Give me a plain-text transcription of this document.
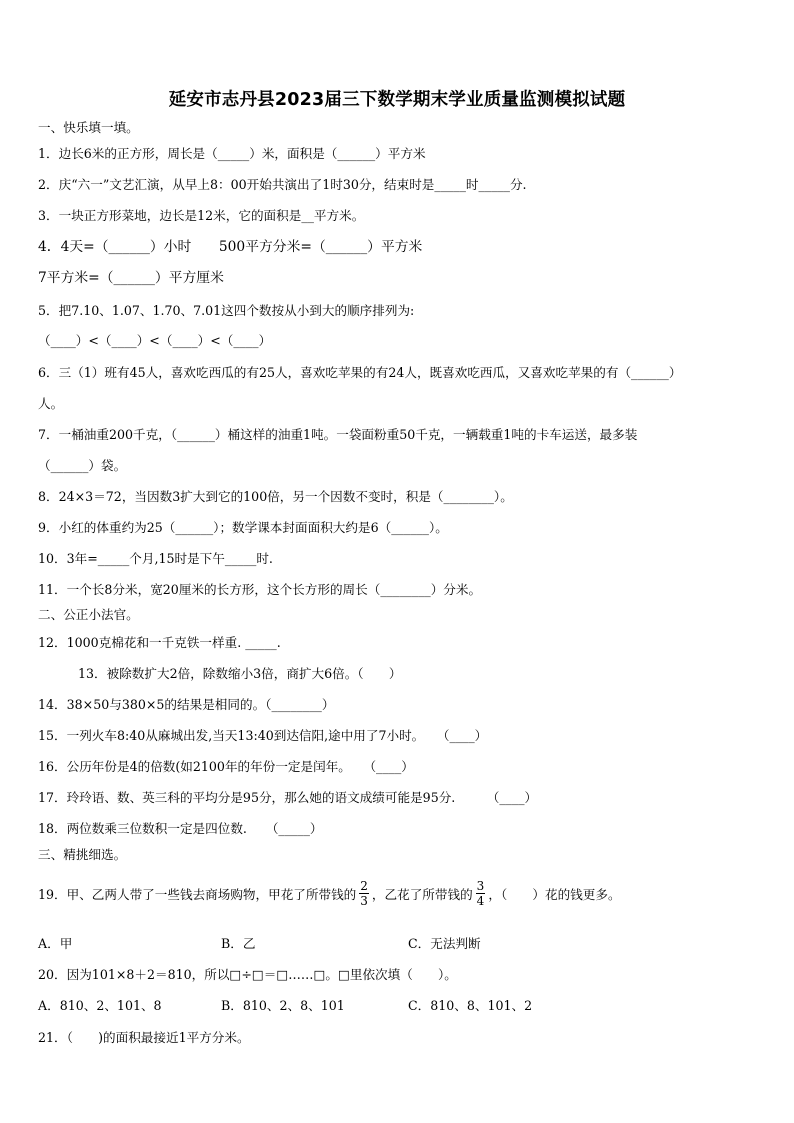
延安市志丹县2023届三下数学期末学业质量监测模拟试题
一、快乐填一填。
1．边长6米的正方形，周长是（_____）米，面积是（______）平方米
2．庆“六一”文艺汇演，从早上8：00开始共演出了1时30分，结束时是_____时_____分.
3．一块正方形菜地，边长是12米，它的面积是__平方米。
4．4天=（______）小时　　500平方分米=（______）平方米
7平方米=（______）平方厘米
5．把7.10、1.07、1.70、7.01这四个数按从小到大的顺序排列为:
（____）<（____）<（____）<（____）
6．三（1）班有45人，喜欢吃西瓜的有25人，喜欢吃苹果的有24人，既喜欢吃西瓜，又喜欢吃苹果的有（______）
人。
7．一桶油重200千克，（______）桶这样的油重1吨。一袋面粉重50千克，一辆载重1吨的卡车运送，最多装
（______）袋。
8．24×3＝72，当因数3扩大到它的100倍，另一个因数不变时，积是（________）。
9．小红的体重约为25（______）；数学课本封面面积大约是6（______）。
10．3年=_____个月,15时是下午_____时.
11．一个长8分米，宽20厘米的长方形，这个长方形的周长（________）分米。
二、公正小法官。
12．1000克棉花和一千克铁一样重. _____.
13．被除数扩大2倍，除数缩小3倍，商扩大6倍。（　　）
14．38×50与380×5的结果是相同的。（________）
15．一列火车8:40从麻城出发,当天13:40到达信阳,途中用了7小时。　　（____）
16．公历年份是4的倍数(如2100年的年份一定是闰年。　　（____）
17．玲玲语、数、英三科的平均分是95分，那么她的语文成绩可能是95分.　　　（____）
18．两位数乘三位数积一定是四位数.　　（_____）
三、精挑细选。
19．甲、乙两人带了一些钱去商场购物，甲花了所带钱的 $\frac{2}{3}$ ，乙花了所带钱的 $\frac{3}{4}$ ，（　　）花的钱更多。
A．甲	B．乙	C．无法判断
20．因为101×8＋2＝810，所以□÷□＝□……□。□里依次填（　　）。
A．810、2、101、8	B．810、2、8、101	C．810、8、101、2
21．（　　)的面积最接近1平方分米。
